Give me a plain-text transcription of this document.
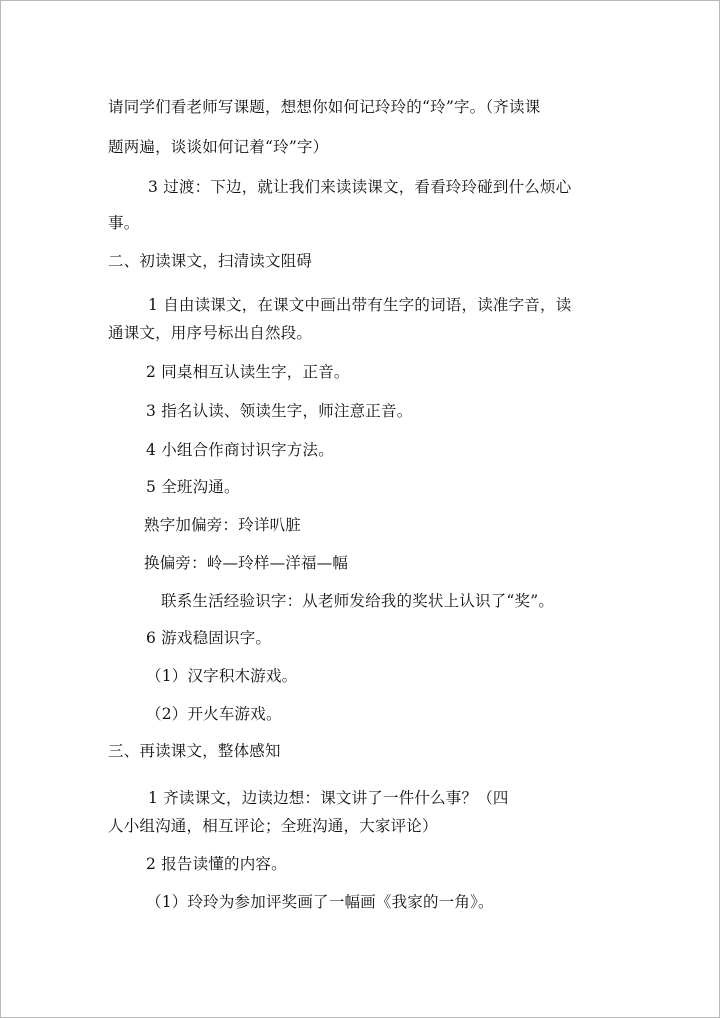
请同学们看老师写课题，想想你如何记玲玲的“玲”字。（齐读课
题两遍，谈谈如何记着“玲”字）
3 过渡：下边，就让我们来读读课文，看看玲玲碰到什么烦心
事。
二、初读课文，扫清读文阻碍
1 自由读课文，在课文中画出带有生字的词语，读准字音，读
通课文，用序号标出自然段。
2 同桌相互认读生字，正音。
3 指名认读、领读生字，师注意正音。
4 小组合作商讨识字方法。
5 全班沟通。
熟字加偏旁：玲详叭脏
换偏旁：岭—玲样—洋福—幅
联系生活经验识字：从老师发给我的奖状上认识了“奖”。
6 游戏稳固识字。
（1）汉字积木游戏。
（2）开火车游戏。
三、再读课文，整体感知
1 齐读课文，边读边想：课文讲了一件什么事？（四
人小组沟通，相互评论；全班沟通，大家评论）
2 报告读懂的内容。
（1）玲玲为参加评奖画了一幅画《我家的一角》。
